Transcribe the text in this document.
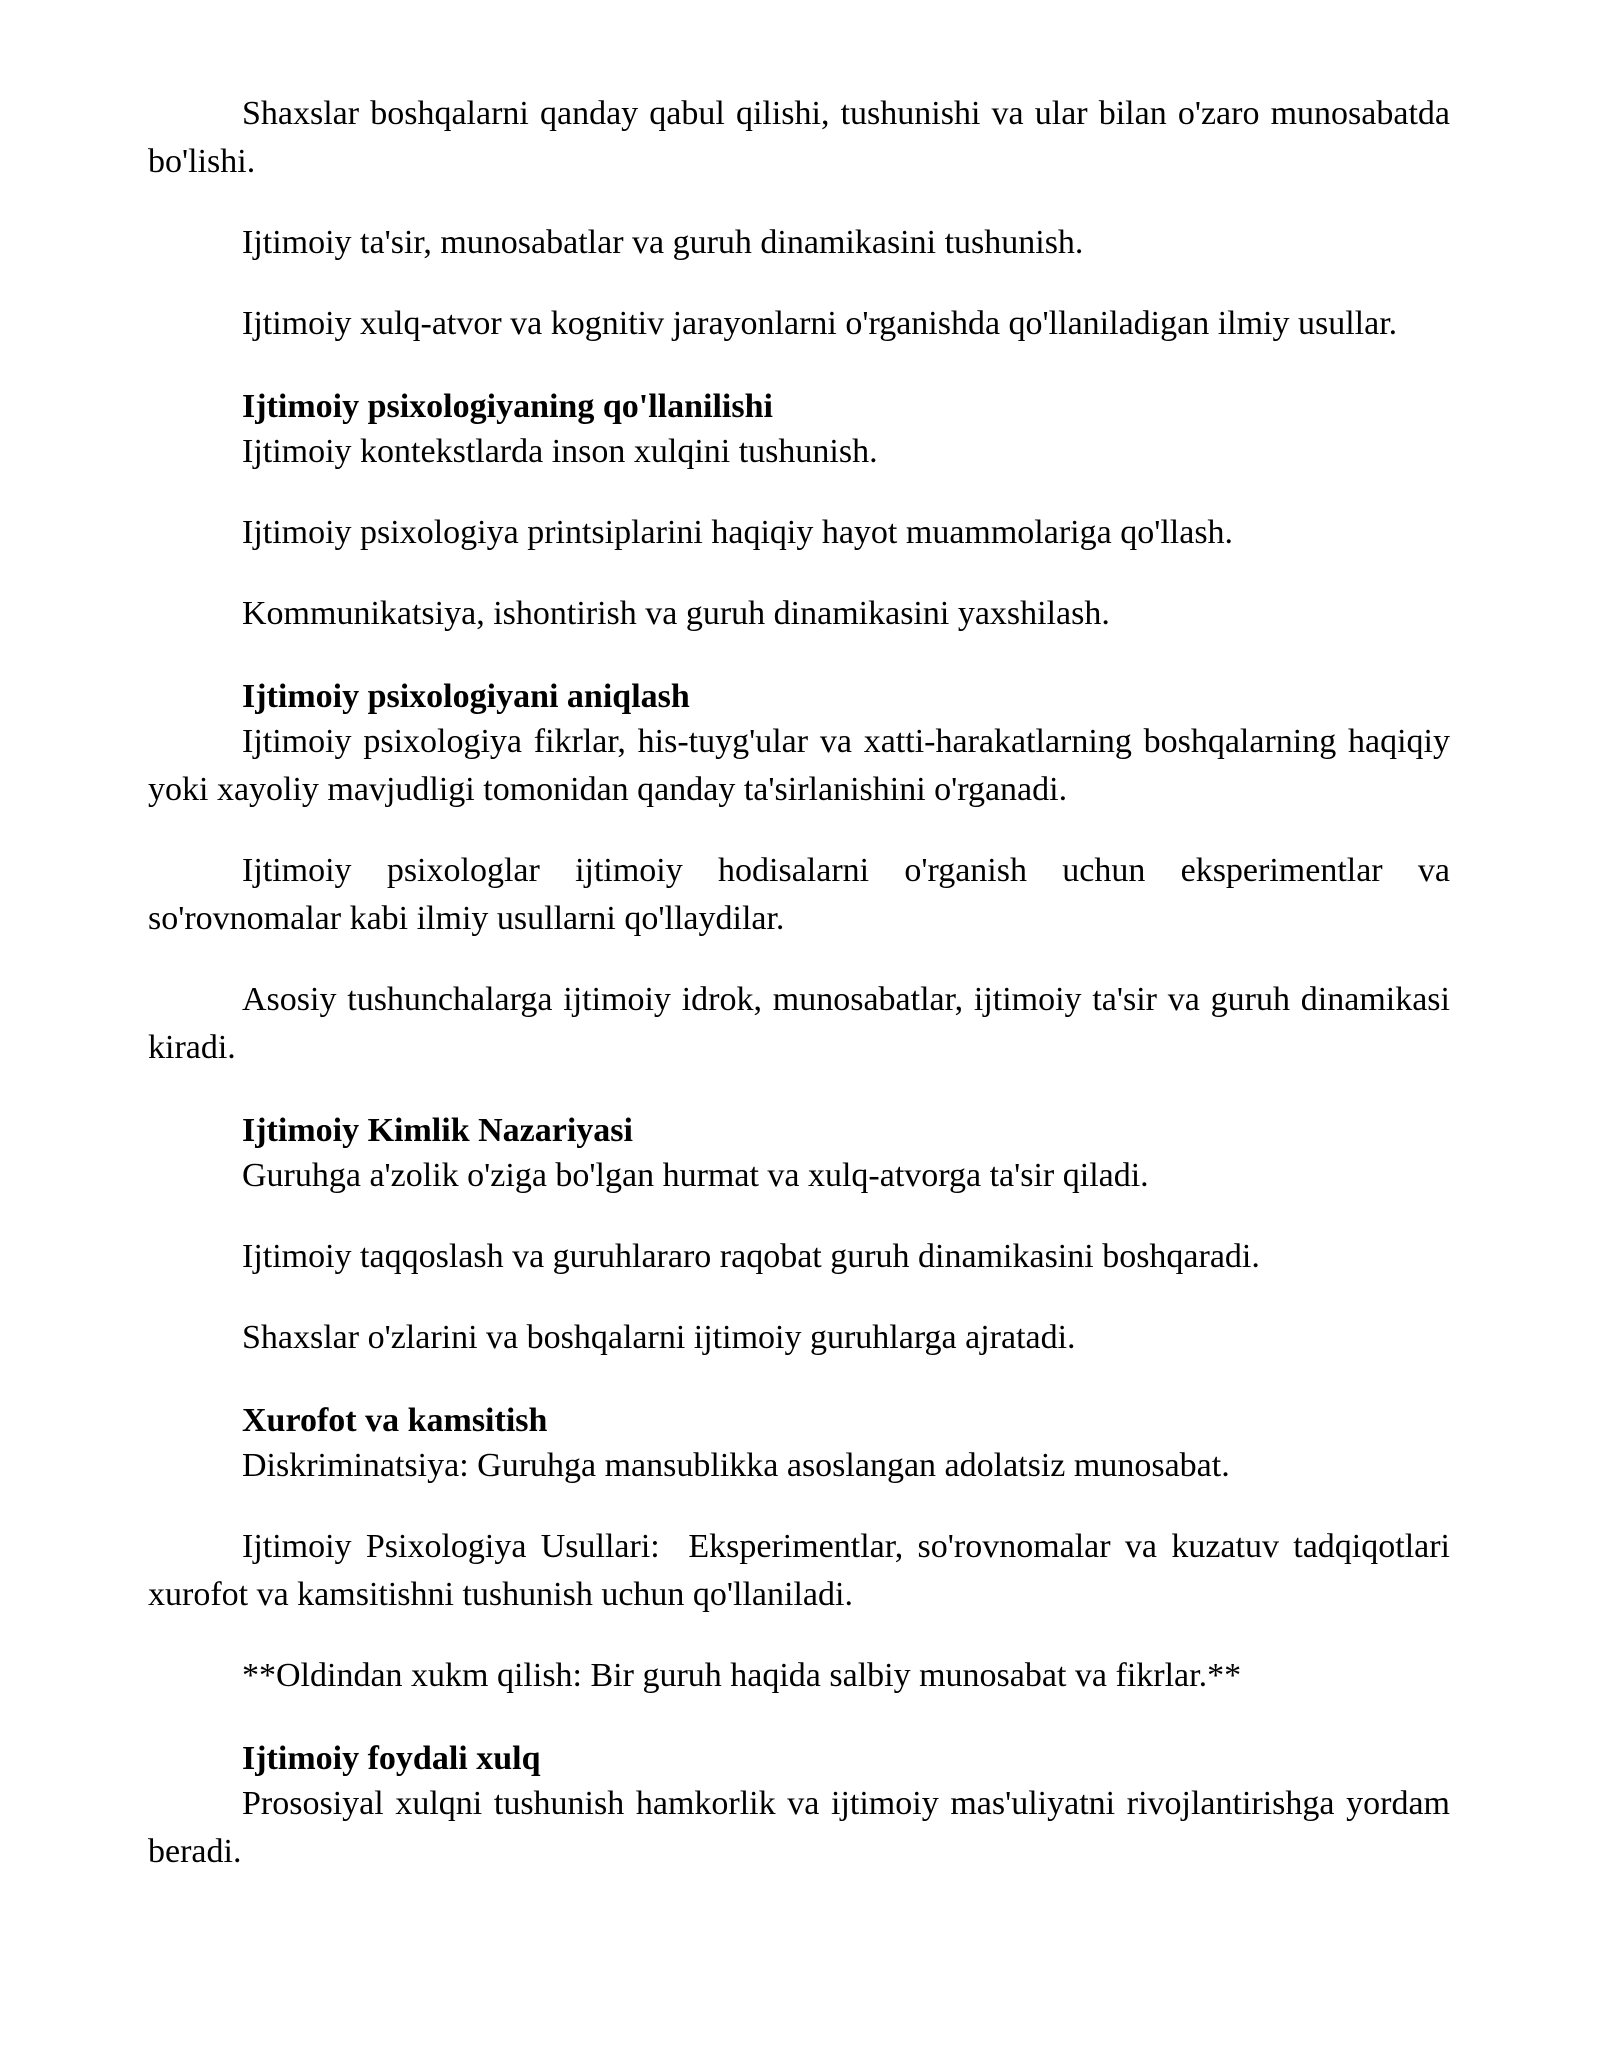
Shaxslar boshqalarni qanday qabul qilishi, tushunishi va ular bilan o'zaro munosabatda bo'lishi.

Ijtimoiy ta'sir, munosabatlar va guruh dinamikasini tushunish.

Ijtimoiy xulq-atvor va kognitiv jarayonlarni o'rganishda qo'llaniladigan ilmiy usullar.

Ijtimoiy psixologiyaning qo'llanilishi

Ijtimoiy kontekstlarda inson xulqini tushunish.

Ijtimoiy psixologiya printsiplarini haqiqiy hayot muammolariga qo'llash.

Kommunikatsiya, ishontirish va guruh dinamikasini yaxshilash.

Ijtimoiy psixologiyani aniqlash

Ijtimoiy psixologiya fikrlar, his-tuyg'ular va xatti-harakatlarning boshqalarning haqiqiy yoki xayoliy mavjudligi tomonidan qanday ta'sirlanishini o'rganadi.

Ijtimoiy psixologlar ijtimoiy hodisalarni o'rganish uchun eksperimentlar va so'rovnomalar kabi ilmiy usullarni qo'llaydilar.

Asosiy tushunchalarga ijtimoiy idrok, munosabatlar, ijtimoiy ta'sir va guruh dinamikasi kiradi.

Ijtimoiy Kimlik Nazariyasi

Guruhga a'zolik o'ziga bo'lgan hurmat va xulq-atvorga ta'sir qiladi.

Ijtimoiy taqqoslash va guruhlararo raqobat guruh dinamikasini boshqaradi.

Shaxslar o'zlarini va boshqalarni ijtimoiy guruhlarga ajratadi.

Xurofot va kamsitish

Diskriminatsiya: Guruhga mansublikka asoslangan adolatsiz munosabat.

Ijtimoiy Psixologiya Usullari:  Eksperimentlar, so'rovnomalar va kuzatuv tadqiqotlari xurofot va kamsitishni tushunish uchun qo'llaniladi.

**Oldindan xukm qilish: Bir guruh haqida salbiy munosabat va fikrlar.**

Ijtimoiy foydali xulq

Prososiyal xulqni tushunish hamkorlik va ijtimoiy mas'uliyatni rivojlantirishga yordam beradi.
